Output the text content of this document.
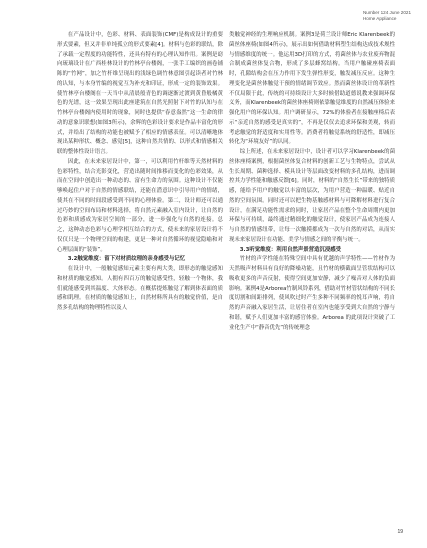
Number 124 June 2021
Home Appliance

在产品设计中，色彩、材料、表面装饰(CMF)是构成设计的重要形式要素，但又并非单纯孤立的形式要素[4]。材料与色彩的联结，除了承载一定程度的功能特性，还具有特有的心理认知作用。案例是窈向琉璃设计在广西桂林设计的竹林亭台楼阁，一张手工编织的画卷铺陈的“竹网”，加之竹杆维呈现出的浅绿色调竹林意图引起读者对竹林的认知，与本身竹编的视觉互为补充和印证，形成一定的装饰效果。使竹林亭台楼阁在一天当中从清晨般青色的调逐渐过渡到黄昏般橘黄色的光谱，这一效果呈现出此座建筑在自然光照射下对竹的认知与在竹林亭台楼阁内使用时的现象，同时也提供“春意盎然”这一生命的律动的意象识联想(如图3所示)，余辉的色彩设计要求是作品丰富化的形式，并给出了结构的功能也被赋予了相应的情感表征。可以清晰地体现出某种形状、概念、感觉[5]，这种自然共情的、以形式和情感相关联的整体性设计语言。

因此，在未来家居设计中，第一，可以利用竹杆维等天然材料的色彩特性，结合光影变化，营造出随时间推移而变化的色彩效果，从而在空间中创造出一种动态的、富有生命力的氛围。这种设计不仅能够唤起住户对于自然的情感联结，还能在潜意识中引导用户的情绪，使其在不同的时间段感受到不同的心理体验。第二，设计师还可以通过巧妙的空间布局和材料选择，将自然元素融入室内设计，让自然的色彩和质感成为家居空间的一部分，进一步强化与自然的连接。总之，这种动态色彩与心理学相互结合的方式，使未来的家居设计将不仅仅只是一个物理空间的构建，更是一种对自然循环的视觉隐喻和对心理层面的“装饰”。

3.2触觉维度：留下对材质纹理的亲身感受与记忆

在设计中，一般触觉感知元素主要有两大类，即形态的触觉感知和材质的触觉感知。人拥有四百万的触觉感受性，轻触一个物体，我们就能感受到其温度、大体形态。在概括提炼触觉了解到体表面的质感和肌理。在材质的触觉感知上，自然材料所具有的触觉价值，是自然多孔结构的物理特性以及人

类触觉神经的生理响应机制。案例3是荷兰设计师Eric Klarenbeek的菌丝体座椅(如图4所示)，展示出如何借助材料塑生结构达成技术规性与情感维度的统一。他运用3D打印的方式，将菌丝体与农业废弃物混合制成菌丝体复合物，形成了多层蜂窝结构。当用户触碰座椅表面时，孔隙结构会在压力作用下发生弹性形变，触发减压反应。这种生理变化是菌丝体触觉干预的情绪调节效应。然而菌丝体设计的革新性不仅局限于此，传统的可持续设计大多时候借助道德说教来强调环保义务，而Klarenbeek的菌丝体座椅则依靠触觉维度的自然减压体验来强化用户的环保认知。用户调研显示，72%的体验者在接触座椅后表示“亲近自然的感受是真实的”，不再是仅仅去追求环保和美观，转而考虑触觉的舒适度和实用性等。消费者将触觉系统的舒适性，即减压转化为“环境友好”的认同。

综上所述，在未来家居设计中，设计者可以学习Klarenbeek的菌丝体座椅案例，根据菌丝体复合材料的创新工艺与生物特点，尝试从生长周期、菌种选择、模具设计等层面改变材料的多孔结构，进而调控其力学性能和触感反馈[6]。同时，材料的“自然生长”带来的独特质感，能给予用户的触觉以丰富的层次，为用户营造一种温暖、贴近自然的空间氛围。同时还可以把生物基触感材料与可降解材料进行复合设计，在满足功能性需求的同时，让家居产品在整个生命周期内更加环保与可持续，最终通过精细化的触觉设计，使家居产品成为连接人与自然的情感纽带，让每一次触摸都成为一次与自然的对话，从而实现未来家居设计在功能、美学与情感之间的平衡与统一。

3.3听觉维度：利用自然声景营造沉浸感受

竹材的声学性能在特殊空间中具有优越的声学特性——竹材作为天然吸声材料具有良好的降噪功能，且竹材的横截面呈管状结构可以吸收更多的声音反射，使得空间更加安静，减少了噪音对人体的负面影响。案例4是Arborea竹制风铃系列，借助对竹材管状结构的不同长度切割和间距排列，使风吹过时产生多种不同频率的悦耳声响，将自然的声音融入家居生活，让居住者在室内也能享受到大自然的宁静与和谐，赋予人们更加丰富的感官体验。Arborea 的此项设计突破了工业化生产中“静音优先”的传统理念

19
